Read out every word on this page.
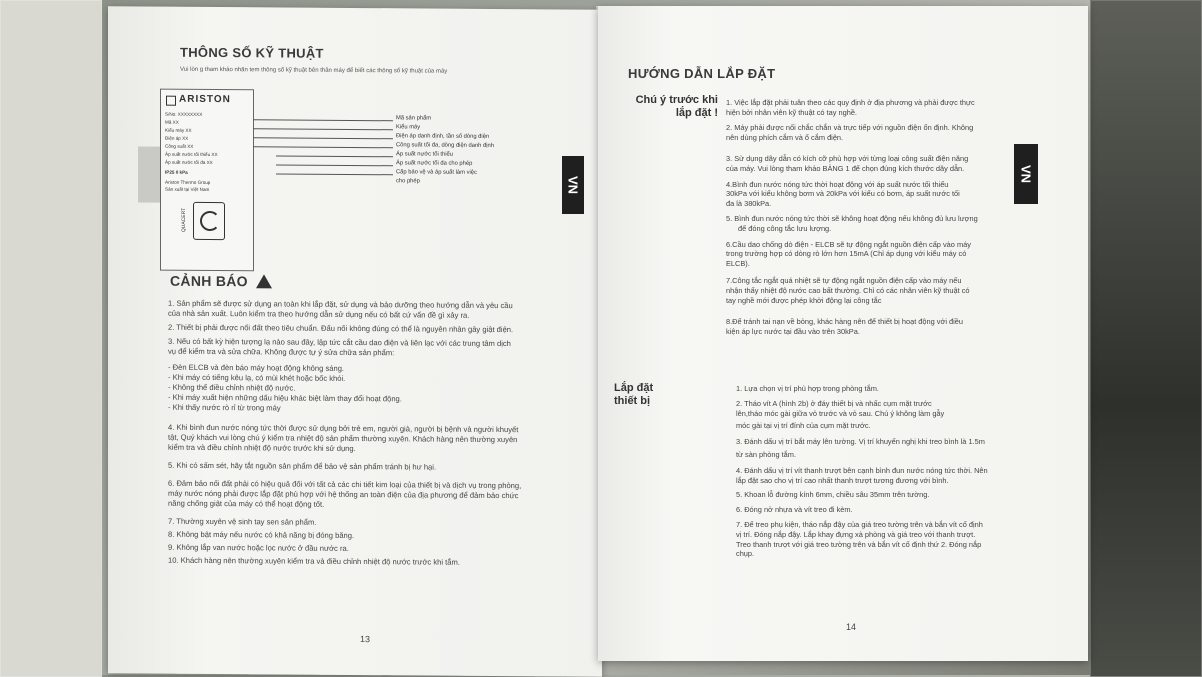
THÔNG SỐ KỸ THUẬT
Vui lòn g tham khảo nhãn tem thông số kỹ thuật bên thân máy để biết các thông số kỹ thuật của máy
ARISTON
S/No: XXXXXXXX
Mã XX
Kiểu máy XX
Điện áp XX
Công suất XX
Áp suất nước tối thiểu XX
Áp suất nước tối đa XX
IP25 0 kPa
Ariston Thermo Group
Sản xuất tại Việt Nam
QUACERT
Mã sản phẩm
Kiểu máy
Điện áp danh định, tần số dòng điện
Công suất tối đa, dòng điện danh định
Áp suất nước tối thiểu
Áp suất nước tối đa cho phép
Cấp bảo vệ và áp suất làm việc
cho phép
CẢNH BÁO
1. Sản phẩm sẽ được sử dụng an toàn khi lắp đặt, sử dụng và bảo dưỡng theo hướng dẫn và yêu cầu
của nhà sản xuất. Luôn kiểm tra theo hướng dẫn sử dụng nếu có bất cứ vấn đề gì xảy ra.
2. Thiết bị phải được nối đất theo tiêu chuẩn. Đấu nối không đúng có thể là nguyên nhân gây giật điện.
3. Nếu có bất kỳ hiện tượng lạ nào sau đây, lập tức cắt cầu dao điện và liên lạc với các trung tâm dịch
vụ để kiểm tra và sửa chữa. Không được tự ý sửa chữa sản phẩm:
- Đèn ELCB và đèn báo máy hoạt động không sáng.
- Khi máy có tiếng kêu lạ, có mùi khét hoặc bốc khói.
- Không thể điều chỉnh nhiệt độ nước.
- Khi máy xuất hiện những dấu hiệu khác biệt làm thay đổi hoạt động.
- Khi thấy nước rò rỉ từ trong máy
4. Khi bình đun nước nóng tức thời được sử dụng bởi trẻ em, người già, người bị bệnh và người khuyết
tật, Quý khách vui lòng chú ý kiểm tra nhiệt độ sản phẩm thường xuyên. Khách hàng nên thường xuyên
kiểm tra và điều chỉnh nhiệt độ nước trước khi sử dụng.
5. Khi có sấm sét, hãy tắt nguồn sản phẩm để bảo vệ sản phẩm tránh bị hư hại.
6. Đảm bảo nối đất phải có hiệu quả đối với tất cả các chi tiết kim loại của thiết bị và dịch vụ trong phòng,
máy nước nóng phải được lắp đặt phù hợp với hệ thống an toàn điện của địa phương để đảm bảo chức
năng chống giật của máy có thể hoạt động tốt.
7. Thường xuyên vệ sinh tay sen sản phẩm.
8. Không bật máy nếu nước có khả năng bị đóng băng.
9. Không lắp van nước hoặc lọc nước ở đầu nước ra.
10. Khách hàng nên thường xuyên kiểm tra và điều chỉnh nhiệt độ nước trước khi tắm.
13
HƯỚNG DẪN LẮP ĐẶT
VN
VN
Chú ý trước khi
lắp đặt !
1. Việc lắp đặt phải tuân theo các quy định ở địa phương và phải được thực
hiện bởi nhân viên kỹ thuật có tay nghề.
2. Máy phải được nối chắc chắn và trực tiếp với nguồn điện ổn định. Không
nên dùng phích cắm và ổ cắm điện.
3. Sử dụng dây dẫn có kích cỡ phù hợp với từng loại công suất điện năng
của máy. Vui lòng tham khảo BẢNG 1 để chọn đúng kích thước dây dẫn.
4.Bình đun nước nóng tức thời hoạt động với áp suất nước tối thiểu
30kPa với kiểu không bơm và 20kPa với kiểu có bơm, áp suất nước tối
đa là 380kPa.
5. Bình đun nước nóng tức thời sẽ không hoạt động nếu không đủ lưu lượng
để đóng công tắc lưu lượng.
6.Cầu dao chống dò điện - ELCB sẽ tự động ngắt nguồn điện cấp vào máy
trong trường hợp có dòng rò lớn hơn 15mA (Chỉ áp dụng với kiểu máy có
ELCB).
7.Công tắc ngắt quá nhiệt sẽ tự động ngắt nguồn điện cấp vào máy nếu
nhận thấy nhiệt độ nước cao bất thường. Chỉ có các nhân viên kỹ thuật có
tay nghề mới được phép khởi động lại công tắc
8.Để tránh tai nạn về bỏng, khác hàng nên để thiết bị hoạt động với điều
kiện áp lực nước tại đầu vào trên 30kPa.
Lắp đặt
thiết bị
1. Lựa chọn vị trí phù hợp trong phòng tắm.
2. Tháo vít A (hình 2b) ở đáy thiết bị và nhấc cụm mặt trước
lên,tháo móc gài giữa vỏ trước và vỏ sau. Chú ý không làm gẫy
móc gài tại vị trí đính của cụm mặt trước.
3. Đánh dấu vị trí bắt máy lên tường. Vị trí khuyến nghị khi treo bình là 1.5m
từ sàn phòng tắm.
4. Đánh dấu vị trí vít thanh trượt bên cạnh bình đun nước nóng tức thời. Nên
lắp đặt sao cho vị trí cao nhất thanh trượt tương đương với bình.
5. Khoan lỗ đường kính 6mm, chiều sâu 35mm trên tường.
6. Đóng nở nhựa và vít treo đi kèm.
7. Để treo phụ kiện, tháo nắp đậy của giá treo tường trên và bắn vít cố định
vị trí. Đóng nắp đậy. Lắp khay đựng xà phòng và giá treo với thanh trượt.
Treo thanh trượt với giá treo tường trên và bắn vít cố định thứ 2. Đóng nắp
chụp.
14
